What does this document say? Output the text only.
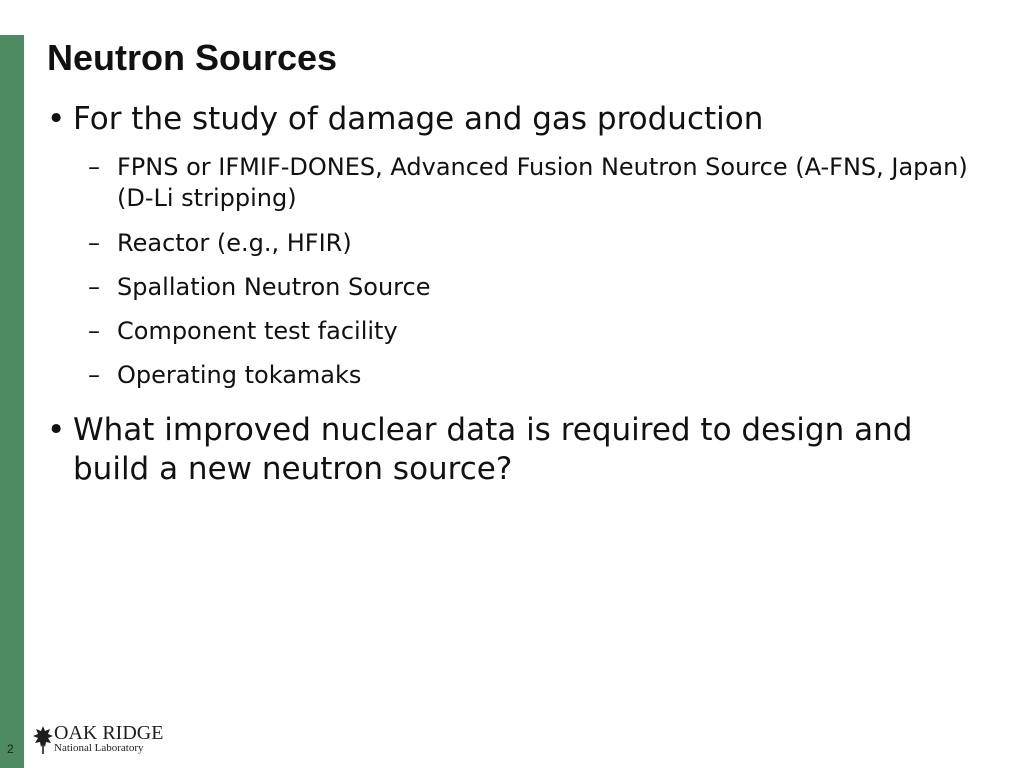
Neutron Sources
• For the study of damage and gas production
– FPNS or IFMIF-DONES, Advanced Fusion Neutron Source (A-FNS, Japan) (D-Li stripping)
– Reactor (e.g., HFIR)
– Spallation Neutron Source
– Component test facility
– Operating tokamaks
• What improved nuclear data is required to design and build a new neutron source?
2
OAK RIDGE
National Laboratory
